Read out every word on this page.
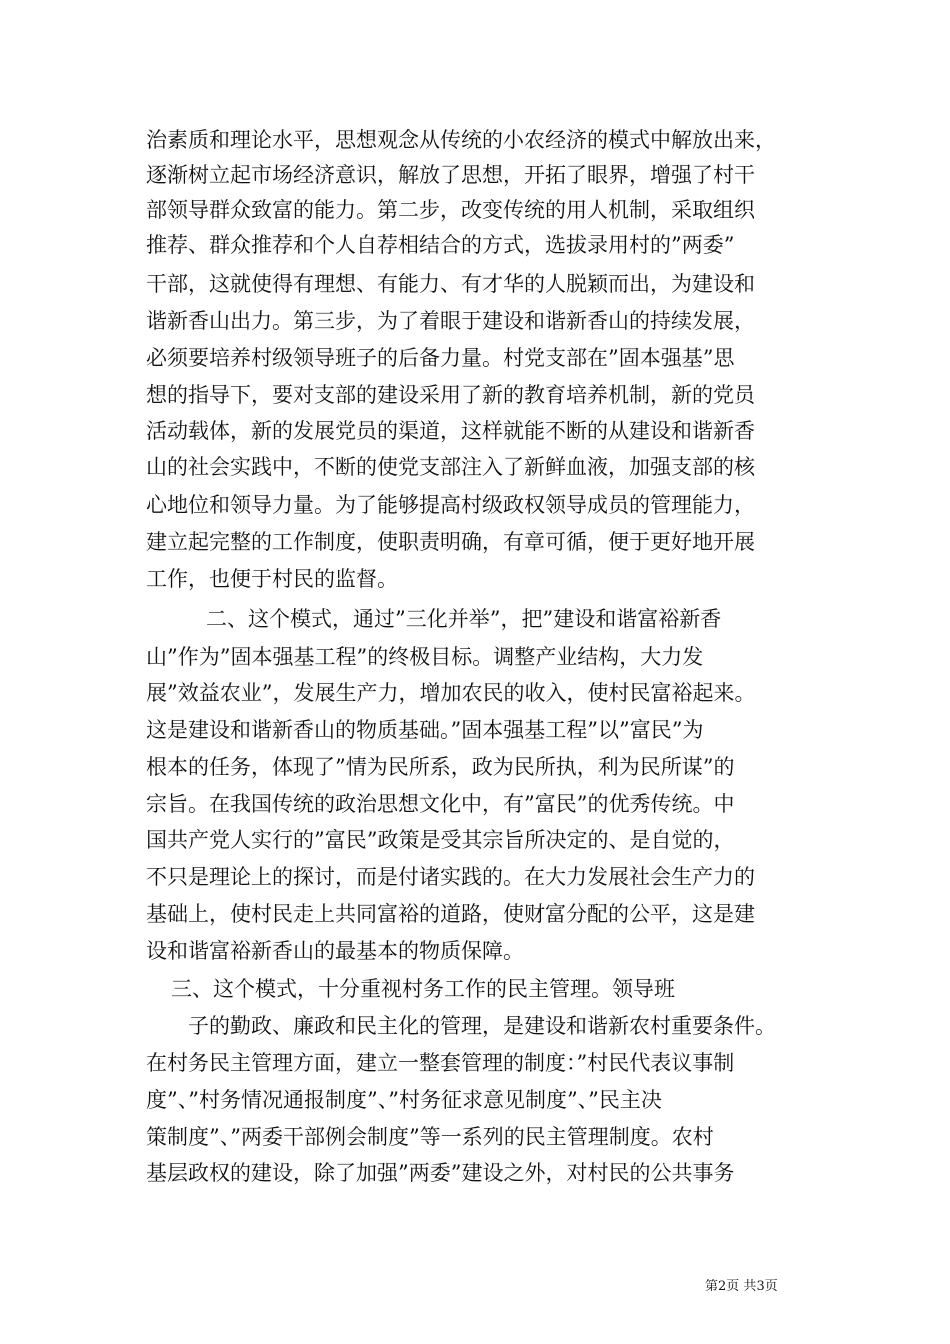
治素质和理论水平，思想观念从传统的小农经济的模式中解放出来，
逐渐树立起市场经济意识，解放了思想，开拓了眼界，增强了村干
部领导群众致富的能力。第二步，改变传统的用人机制，采取组织
推荐、群众推荐和个人自荐相结合的方式，选拔录用村的”两委”
干部，这就使得有理想、有能力、有才华的人脱颖而出，为建设和
谐新香山出力。第三步，为了着眼于建设和谐新香山的持续发展，
必须要培养村级领导班子的后备力量。村党支部在”固本强基”思
想的指导下，要对支部的建设采用了新的教育培养机制，新的党员
活动载体，新的发展党员的渠道，这样就能不断的从建设和谐新香
山的社会实践中，不断的使党支部注入了新鲜血液，加强支部的核
心地位和领导力量。为了能够提高村级政权领导成员的管理能力，
建立起完整的工作制度，使职责明确，有章可循，便于更好地开展
工作，也便于村民的监督。
二、这个模式，通过”三化并举”，把”建设和谐富裕新香
山”作为”固本强基工程”的终极目标。调整产业结构，大力发
展”效益农业”，发展生产力，增加农民的收入，使村民富裕起来。
这是建设和谐新香山的物质基础。”固本强基工程”以”富民”为
根本的任务，体现了”情为民所系，政为民所执，利为民所谋”的
宗旨。在我国传统的政治思想文化中，有”富民”的优秀传统。中
国共产党人实行的”富民”政策是受其宗旨所决定的、是自觉的，
不只是理论上的探讨，而是付诸实践的。在大力发展社会生产力的
基础上，使村民走上共同富裕的道路，使财富分配的公平，这是建
设和谐富裕新香山的最基本的物质保障。
三、这个模式，十分重视村务工作的民主管理。领导班
子的勤政、廉政和民主化的管理，是建设和谐新农村重要条件。
在村务民主管理方面，建立一整套管理的制度：”村民代表议事制
度”、”村务情况通报制度”、”村务征求意见制度”、”民主决
策制度”、”两委干部例会制度”等一系列的民主管理制度。农村
基层政权的建设，除了加强”两委”建设之外，对村民的公共事务
第2页 共3页
